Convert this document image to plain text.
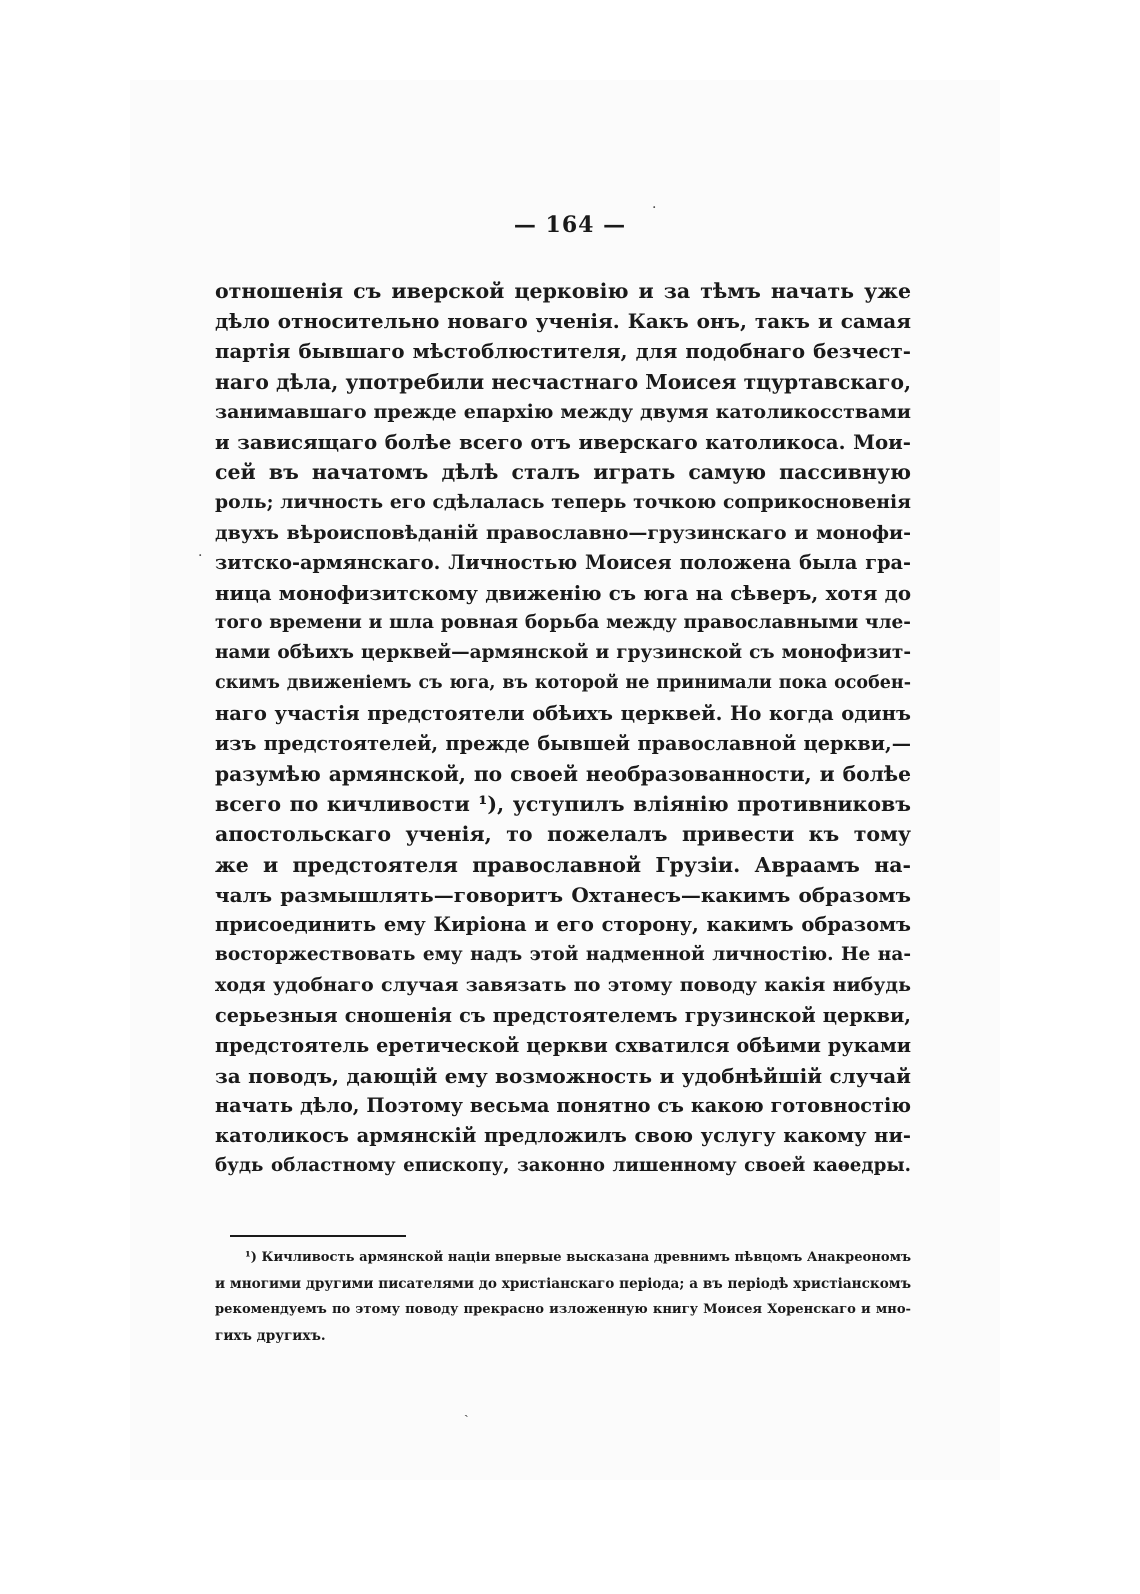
— 164 —
отношенія съ иверской церковію и за тѣмъ начать уже
дѣло относительно новаго ученія. Какъ онъ, такъ и самая
партія бывшаго мѣстоблюстителя, для подобнаго безчест-
наго дѣла, употребили несчастнаго Моисея тцуртавскаго,
занимавшаго прежде епархію между двумя католикосствами
и зависящаго болѣе всего отъ иверскаго католикоса. Мои-
сей въ начатомъ дѣлѣ сталъ играть самую пассивную
роль; личность его сдѣлалась теперь точкою соприкосновенія
двухъ вѣроисповѣданій православно—грузинскаго и монофи-
зитско-армянскаго. Личностью Моисея положена была гра-
ница монофизитскому движенію съ юга на сѣверъ, хотя до
того времени и шла ровная борьба между православными чле-
нами обѣихъ церквей—армянской и грузинской съ монофизит-
скимъ движеніемъ съ юга, въ которой не принимали пока особен-
наго участія предстоятели обѣихъ церквей. Но когда одинъ
изъ предстоятелей, прежде бывшей православной церкви,—
разумѣю армянской, по своей необразованности, и болѣе
всего по кичливости ¹), уступилъ вліянію противниковъ
апостольскаго ученія, то пожелалъ привести къ тому
же и предстоятеля православной Грузіи. Авраамъ на-
чалъ размышлять—говоритъ Охтанесъ—какимъ образомъ
присоединить ему Киріона и его сторону, какимъ образомъ
восторжествовать ему надъ этой надменной личностію. Не на-
ходя удобнаго случая завязать по этому поводу какія нибудь
серьезныя сношенія съ предстоятелемъ грузинской церкви,
предстоятель еретической церкви схватился обѣими руками
за поводъ, дающій ему возможность и удобнѣйшій случай
начать дѣло, Поэтому весьма понятно съ какою готовностію
католикосъ армянскій предложилъ свою услугу какому ни-
будь областному епископу, законно лишенному своей каѳедры.
¹) Кичливость армянской націи впервые высказана древнимъ пѣвцомъ Анакреономъ
и многими другими писателями до христіанскаго періода; а въ періодѣ христіанскомъ
рекомендуемъ по этому поводу прекрасно изложенную книгу Моисея Хоренскаго и мно-
гихъ другихъ.
·
·
ˏ
